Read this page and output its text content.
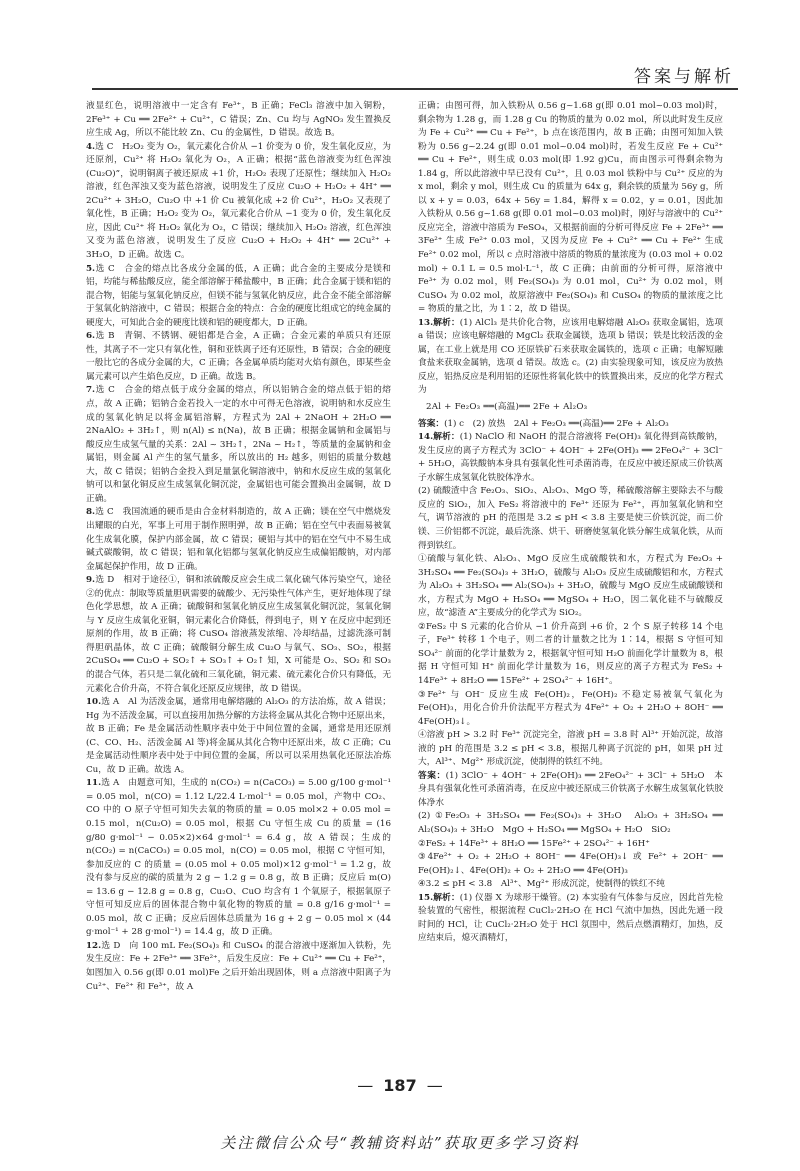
答案与解析

液显红色，说明溶液中一定含有 Fe³⁺，B 正确；FeCl₃ 溶液中加入铜粉，2Fe³⁺ + Cu ══ 2Fe²⁺ + Cu²⁺，C 错误；Zn、Cu 均与 AgNO₃ 发生置换反应生成 Ag，所以不能比较 Zn、Cu 的金属性，D 错误。故选 B。

4.选 C　H₂O₂ 变为 O₂，氧元素化合价从 −1 价变为 0 价，发生氧化反应，为还原剂，Cu²⁺ 将 H₂O₂ 氧化为 O₂，A 正确；根据“蓝色溶液变为红色浑浊(Cu₂O)”，说明铜离子被还原成 +1 价，H₂O₂ 表现了还原性；继续加入 H₂O₂ 溶液，红色浑浊又变为蓝色溶液，说明发生了反应 Cu₂O + H₂O₂ + 4H⁺ ══ 2Cu²⁺ + 3H₂O，Cu₂O 中 +1 价 Cu 被氧化成 +2 价 Cu²⁺，H₂O₂ 又表现了氧化性，B 正确；H₂O₂ 变为 O₂，氧元素化合价从 −1 变为 0 价，发生氧化反应，因此 Cu²⁺ 将 H₂O₂ 氧化为 O₂，C 错误；继续加入 H₂O₂ 溶液，红色浑浊又变为蓝色溶液，说明发生了反应 Cu₂O + H₂O₂ + 4H⁺ ══ 2Cu²⁺ + 3H₂O，D 正确。故选 C。

5.选 C　合金的熔点比各成分金属的低，A 正确；此合金的主要成分是镁和铝，均能与稀盐酸反应，能全部溶解于稀盐酸中，B 正确；此合金属于镁和铝的混合物，铝能与氢氧化钠反应，但镁不能与氢氧化钠反应，此合金不能全部溶解于氢氧化钠溶液中，C 错误；根据合金的特点：合金的硬度比组成它的纯金属的硬度大，可知此合金的硬度比镁和铝的硬度都大，D 正确。

6.选 B　青铜、不锈钢、硬铝都是合金，A 正确；合金元素的单质只有还原性，其离子不一定只有氧化性，铜和亚铁离子还有还原性，B 错误；合金的硬度一般比它的各成分金属的大，C 正确；各金属单质均能对火焰有颜色，即某些金属元素可以产生焰色反应，D 正确。故选 B。

7.选 C　合金的熔点低于成分金属的熔点，所以铝钠合金的熔点低于铝的熔点，故 A 正确；铝钠合金若投入一定的水中可得无色溶液，说明钠和水反应生成的氢氧化钠足以将金属铝溶解，方程式为 2Al + 2NaOH + 2H₂O ══ 2NaAlO₂ + 3H₂↑，则 n(Al) ≤ n(Na)，故 B 正确；根据金属钠和金属铝与酸反应生成氢气量的关系：2Al ~ 3H₂↑，2Na ~ H₂↑，等质量的金属钠和金属铝，则金属 Al 产生的氢气量多，所以放出的 H₂ 越多，则铝的质量分数越大，故 C 错误；铝钠合金投入到足量氯化铜溶液中，钠和水反应生成的氢氧化钠可以和氯化铜反应生成氢氧化铜沉淀，金属铝也可能会置换出金属铜，故 D 正确。

8.选 C　我国流通的硬币是由合金材料制造的，故 A 正确；镁在空气中燃烧发出耀眼的白光，军事上可用于制作照明弹，故 B 正确；铝在空气中表面易被氧化生成氧化膜，保护内部金属，故 C 错误；硬铝与其中的铝在空气中不易生成碱式碳酸铜，故 C 错误；铝和氧化铝都与氢氧化钠反应生成偏铝酸钠，对内部金属起保护作用，故 D 正确。

9.选 D　相对于途径①，铜和浓硫酸反应会生成二氧化硫气体污染空气，途径②的优点：制取等质量胆矾需要的硫酸少、无污染性气体产生，更好地体现了绿色化学思想，故 A 正确；硫酸铜和氢氧化钠反应生成氢氧化铜沉淀，氢氧化铜与 Y 反应生成氧化亚铜，铜元素化合价降低，得到电子，则 Y 在反应中起到还原剂的作用，故 B 正确；将 CuSO₄ 溶液蒸发浓缩、冷却结晶，过滤洗涤可制得胆矾晶体，故 C 正确；硫酸铜分解生成 Cu₂O 与氧气、SO₃、SO₂，根据 2CuSO₄ ══ Cu₂O + SO₂↑ + SO₃↑ + O₂↑ 知，X 可能是 O₂、SO₂ 和 SO₃ 的混合气体，若只是二氧化硫和三氧化硫，铜元素、硫元素化合价只有降低，无元素化合价升高，不符合氧化还原反应规律，故 D 错误。

10.选 A　Al 为活泼金属，通常用电解熔融的 Al₂O₃ 的方法冶炼，故 A 错误；Hg 为不活泼金属，可以直接用加热分解的方法将金属从其化合物中还原出来，故 B 正确；Fe 是金属活动性顺序表中处于中间位置的金属，通常是用还原剂(C、CO、H₂、活泼金属 Al 等)将金属从其化合物中还原出来，故 C 正确；Cu 是金属活动性顺序表中处于中间位置的金属，所以可以采用热氧化还原法冶炼 Cu，故 D 正确。故选 A。

11.选 A　由题意可知，生成的 n(CO₂) = n(CaCO₃) = 5.00 g/100 g·mol⁻¹ = 0.05 mol，n(CO) = 1.12 L/22.4 L·mol⁻¹ = 0.05 mol，产物中 CO₂、CO 中的 O 原子守恒可知失去氧的物质的量 = 0.05 mol×2 + 0.05 mol = 0.15 mol，n(Cu₂O) = 0.05 mol，根据 Cu 守恒生成 Cu 的质量 = (16 g/80 g·mol⁻¹ − 0.05×2)×64 g·mol⁻¹ = 6.4 g，故 A 错误；生成的 n(CO₂) = n(CaCO₃) = 0.05 mol，n(CO) = 0.05 mol，根据 C 守恒可知，参加反应的 C 的质量 = (0.05 mol + 0.05 mol)×12 g·mol⁻¹ = 1.2 g，故没有参与反应的碳的质量为 2 g − 1.2 g = 0.8 g，故 B 正确；反应后 m(O) = 13.6 g − 12.8 g = 0.8 g，Cu₂O、CuO 均含有 1 个氧原子，根据氧原子守恒可知反应后的固体混合物中氧化物的物质的量 = 0.8 g/16 g·mol⁻¹ = 0.05 mol，故 C 正确；反应后固体总质量为 16 g + 2 g − 0.05 mol × (44 g·mol⁻¹ + 28 g·mol⁻¹) = 14.4 g，故 D 正确。

12.选 D　向 100 mL Fe₂(SO₄)₃ 和 CuSO₄ 的混合溶液中逐渐加入铁粉，先发生反应：Fe + 2Fe³⁺ ══ 3Fe²⁺，后发生反应：Fe + Cu²⁺ ══ Cu + Fe²⁺，如图加入 0.56 g(即 0.01 mol)Fe 之后开始出现固体，则 a 点溶液中阳离子为 Cu²⁺、Fe²⁺ 和 Fe³⁺，故 A

正确；由图可得，加入铁粉从 0.56 g~1.68 g(即 0.01 mol~0.03 mol)时，剩余物为 1.28 g，而 1.28 g Cu 的物质的量为 0.02 mol，所以此时发生反应为 Fe + Cu²⁺ ══ Cu + Fe²⁺，b 点在该范围内，故 B 正确；由图可知加入铁粉为 0.56 g~2.24 g(即 0.01 mol~0.04 mol)时，若发生反应 Fe + Cu²⁺ ══ Cu + Fe²⁺，则生成 0.03 mol(即 1.92 g)Cu，而由图示可得剩余物为 1.84 g，所以此溶液中早已没有 Cu²⁺，且 0.03 mol 铁粉中与 Cu²⁺ 反应的为 x mol，剩余 y mol，则生成 Cu 的质量为 64x g，剩余铁的质量为 56y g，所以 x + y = 0.03，64x + 56y = 1.84，解得 x = 0.02，y = 0.01，因此加入铁粉从 0.56 g~1.68 g(即 0.01 mol~0.03 mol)时，刚好与溶液中的 Cu²⁺ 反应完全，溶液中溶质为 FeSO₄，又根据前面的分析可得反应 Fe + 2Fe³⁺ ══ 3Fe²⁺ 生成 Fe²⁺ 0.03 mol，又因为反应 Fe + Cu²⁺ ══ Cu + Fe²⁺ 生成 Fe²⁺ 0.02 mol，所以 c 点时溶液中溶质的物质的量浓度为 (0.03 mol + 0.02 mol) ÷ 0.1 L = 0.5 mol·L⁻¹，故 C 正确；由前面的分析可得，原溶液中 Fe³⁺ 为 0.02 mol，则 Fe₂(SO₄)₃ 为 0.01 mol，Cu²⁺ 为 0.02 mol，则 CuSO₄ 为 0.02 mol，故原溶液中 Fe₂(SO₄)₃ 和 CuSO₄ 的物质的量浓度之比 = 物质的量之比，为 1∶2，故 D 错误。

13.解析：(1) AlCl₃ 是共价化合物，应该用电解熔融 Al₂O₃ 获取金属铝，选项 a 错误；应该电解熔融的 MgCl₂ 获取金属镁，选项 b 错误；铁是比较活泼的金属，在工业上就是用 CO 还原铁矿石来获取金属铁的，选项 c 正确；电解短融食盐来获取金属钠，选项 d 错误。故选 c。(2) 由实验现象可知，该反应为放热反应，铝热反应是利用铝的还原性将氧化铁中的铁置换出来，反应的化学方程式为

2Al + Fe₂O₃ ══(高温)══ 2Fe + Al₂O₃

答案：(1) c　(2) 放热　2Al + Fe₂O₃ ══(高温)══ 2Fe + Al₂O₃

14.解析：(1) NaClO 和 NaOH 的混合溶液将 Fe(OH)₃ 氧化得到高铁酸钠，发生反应的离子方程式为 3ClO⁻ + 4OH⁻ + 2Fe(OH)₃ ══ 2FeO₄²⁻ + 3Cl⁻ + 5H₂O，高铁酸钠本身具有强氧化性可杀菌消毒，在反应中被还原成三价铁离子水解生成氢氧化铁胶体净水。

(2) 硫酸渣中含 Fe₂O₃、SiO₂、Al₂O₃、MgO 等，稀硫酸溶解主要除去不与酸反应的 SiO₂，加入 FeS₂ 将溶液中的 Fe³⁺ 还原为 Fe²⁺，再加氢氧化钠和空气，调节溶液的 pH 的范围是 3.2 ≤ pH < 3.8 主要是使三价铁沉淀，而二价镁、三价铝都不沉淀，最后洗涤、烘干、研磨使氢氧化铁分解生成氧化铁，从而得到铁红。

①硫酸与氧化铁、Al₂O₃、MgO 反应生成硫酸铁和水，方程式为 Fe₂O₃ + 3H₂SO₄ ══ Fe₂(SO₄)₃ + 3H₂O，硫酸与 Al₂O₃ 反应生成硫酸铝和水，方程式为 Al₂O₃ + 3H₂SO₄ ══ Al₂(SO₄)₃ + 3H₂O，硫酸与 MgO 反应生成硫酸镁和水，方程式为 MgO + H₂SO₄ ══ MgSO₄ + H₂O，因二氧化硅不与硫酸反应，故“滤渣 A”主要成分的化学式为 SiO₂。

②FeS₂ 中 S 元素的化合价从 −1 价升高到 +6 价，2 个 S 原子转移 14 个电子，Fe³⁺ 转移 1 个电子，则二者的计量数之比为 1∶14，根据 S 守恒可知 SO₄²⁻ 前面的化学计量数为 2，根据氧守恒可知 H₂O 前面化学计量数为 8，根据 H 守恒可知 H⁺ 前面化学计量数为 16，则反应的离子方程式为 FeS₂ + 14Fe³⁺ + 8H₂O ══ 15Fe²⁺ + 2SO₄²⁻ + 16H⁺。

③Fe²⁺ 与 OH⁻ 反应生成 Fe(OH)₂，Fe(OH)₂ 不稳定易被氧气氧化为 Fe(OH)₃，用化合价升价法配平方程式为 4Fe²⁺ + O₂ + 2H₂O + 8OH⁻ ══ 4Fe(OH)₃↓。

④溶液 pH > 3.2 时 Fe³⁺ 沉淀完全，溶液 pH = 3.8 时 Al³⁺ 开始沉淀，故溶液的 pH 的范围是 3.2 ≤ pH < 3.8，根据几种离子沉淀的 pH，如果 pH 过大，Al³⁺、Mg²⁺ 形成沉淀，使制得的铁红不纯。

答案：(1) 3ClO⁻ + 4OH⁻ + 2Fe(OH)₃ ══ 2FeO₄²⁻ + 3Cl⁻ + 5H₂O　本身具有强氧化性可杀菌消毒，在反应中被还原成三价铁离子水解生成氢氧化铁胶体净水

(2) ①Fe₂O₃ + 3H₂SO₄ ══ Fe₂(SO₄)₃ + 3H₂O　Al₂O₃ + 3H₂SO₄ ══ Al₂(SO₄)₃ + 3H₂O　MgO + H₂SO₄ ══ MgSO₄ + H₂O　SiO₂

②FeS₂ + 14Fe³⁺ + 8H₂O ══ 15Fe²⁺ + 2SO₄²⁻ + 16H⁺

③4Fe²⁺ + O₂ + 2H₂O + 8OH⁻ ══ 4Fe(OH)₃↓ 或 Fe²⁺ + 2OH⁻ ══ Fe(OH)₂↓、4Fe(OH)₂ + O₂ + 2H₂O ══ 4Fe(OH)₃

④3.2 ≤ pH < 3.8　Al³⁺、Mg²⁺ 形成沉淀，使制得的铁红不纯

15.解析：(1) 仪器 X 为球形干燥管。(2) 本实验有气体参与反应，因此首先检验装置的气密性，根据流程 CuCl₂·2H₂O 在 HCl 气流中加热，因此先通一段时间的 HCl，让 CuCl₂·2H₂O 处于 HCl 氛围中，然后点燃酒精灯，加热，反应结束后，熄灭酒精灯，

— 187 —
关注微信公众号“教辅资料站”获取更多学习资料
